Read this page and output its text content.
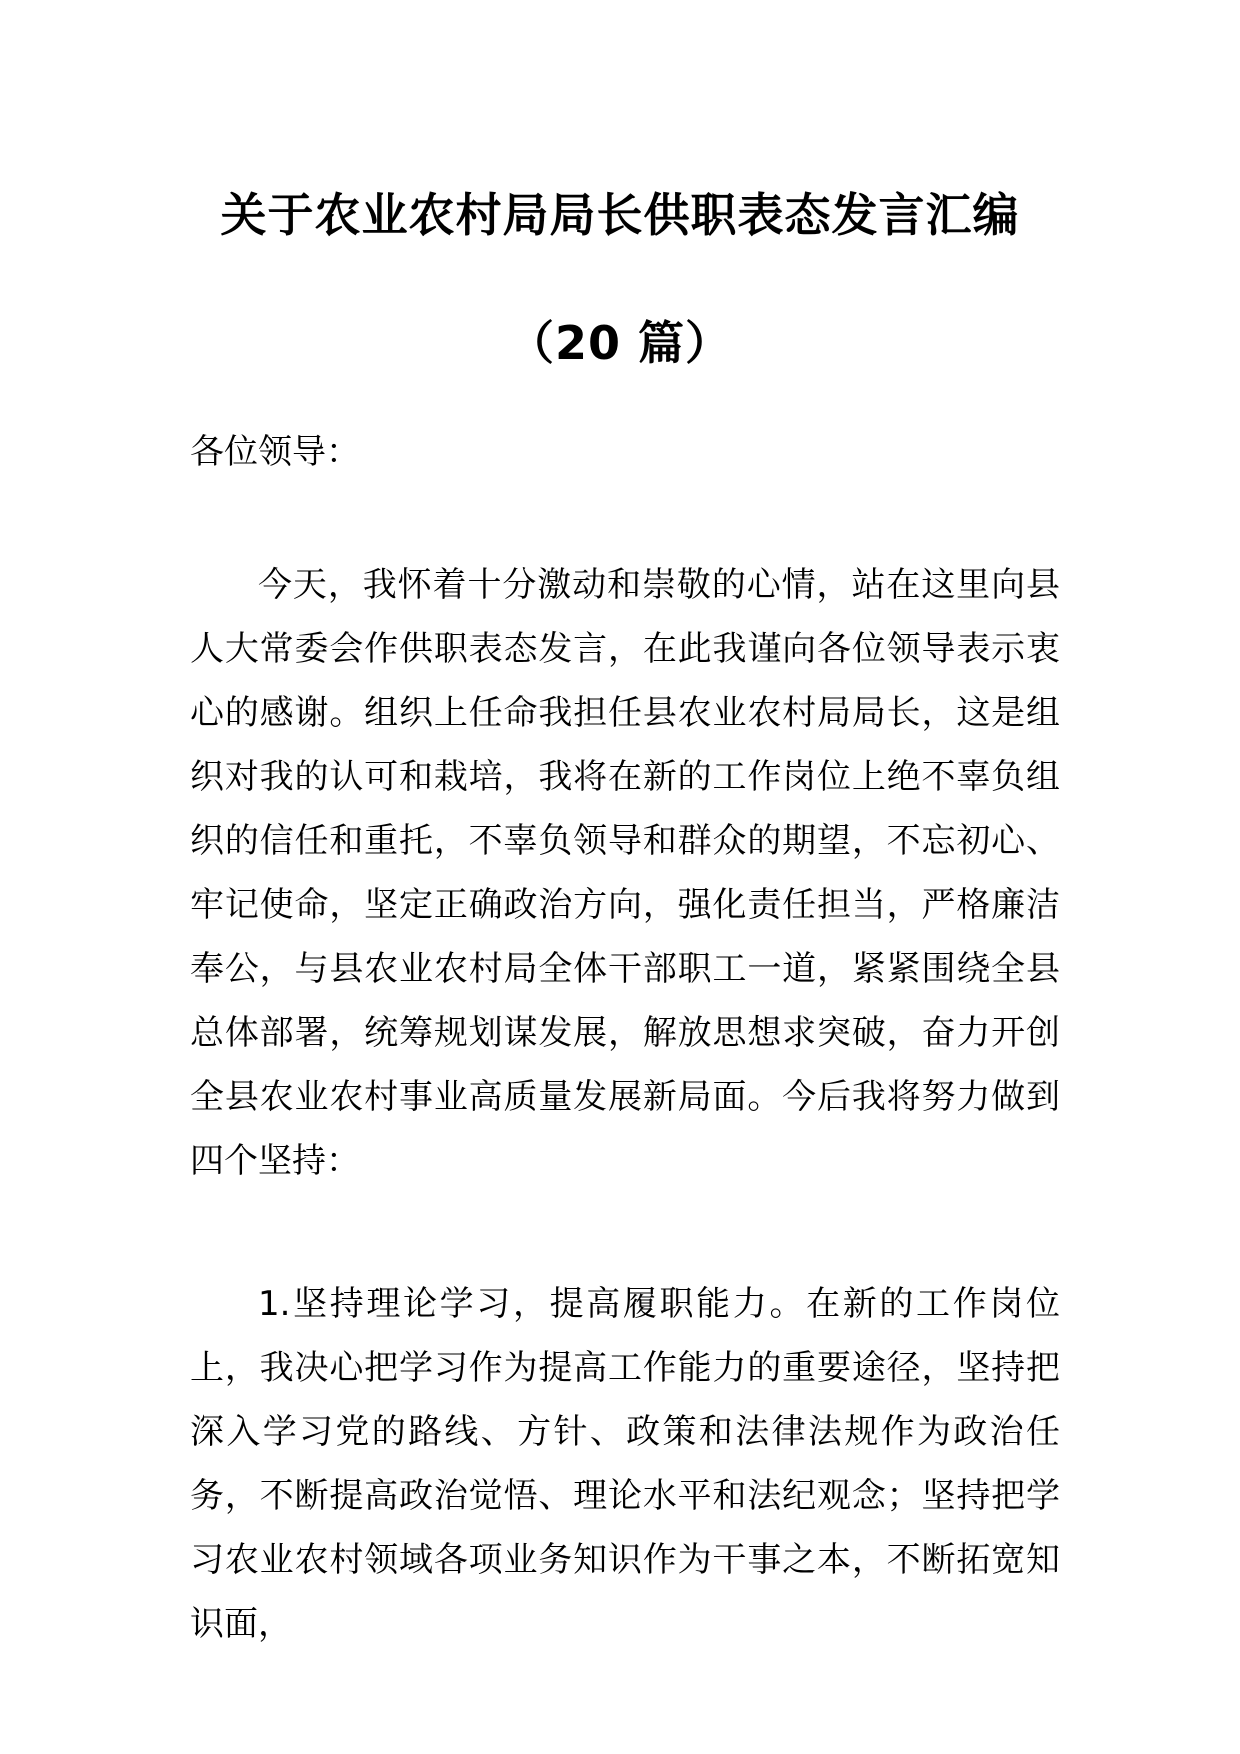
关于农业农村局局长供职表态发言汇编
（20 篇）
各位领导：
今天，我怀着十分激动和崇敬的心情，站在这里向县人大常委会作供职表态发言，在此我谨向各位领导表示衷心的感谢。组织上任命我担任县农业农村局局长，这是组织对我的认可和栽培，我将在新的工作岗位上绝不辜负组织的信任和重托，不辜负领导和群众的期望，不忘初心、牢记使命，坚定正确政治方向，强化责任担当，严格廉洁奉公，与县农业农村局全体干部职工一道，紧紧围绕全县总体部署，统筹规划谋发展，解放思想求突破，奋力开创全县农业农村事业高质量发展新局面。今后我将努力做到四个坚持：
1.坚持理论学习，提高履职能力。在新的工作岗位上，我决心把学习作为提高工作能力的重要途径，坚持把深入学习党的路线、方针、政策和法律法规作为政治任务，不断提高政治觉悟、理论水平和法纪观念；坚持把学习农业农村领域各项业务知识作为干事之本，不断拓宽知识面，
